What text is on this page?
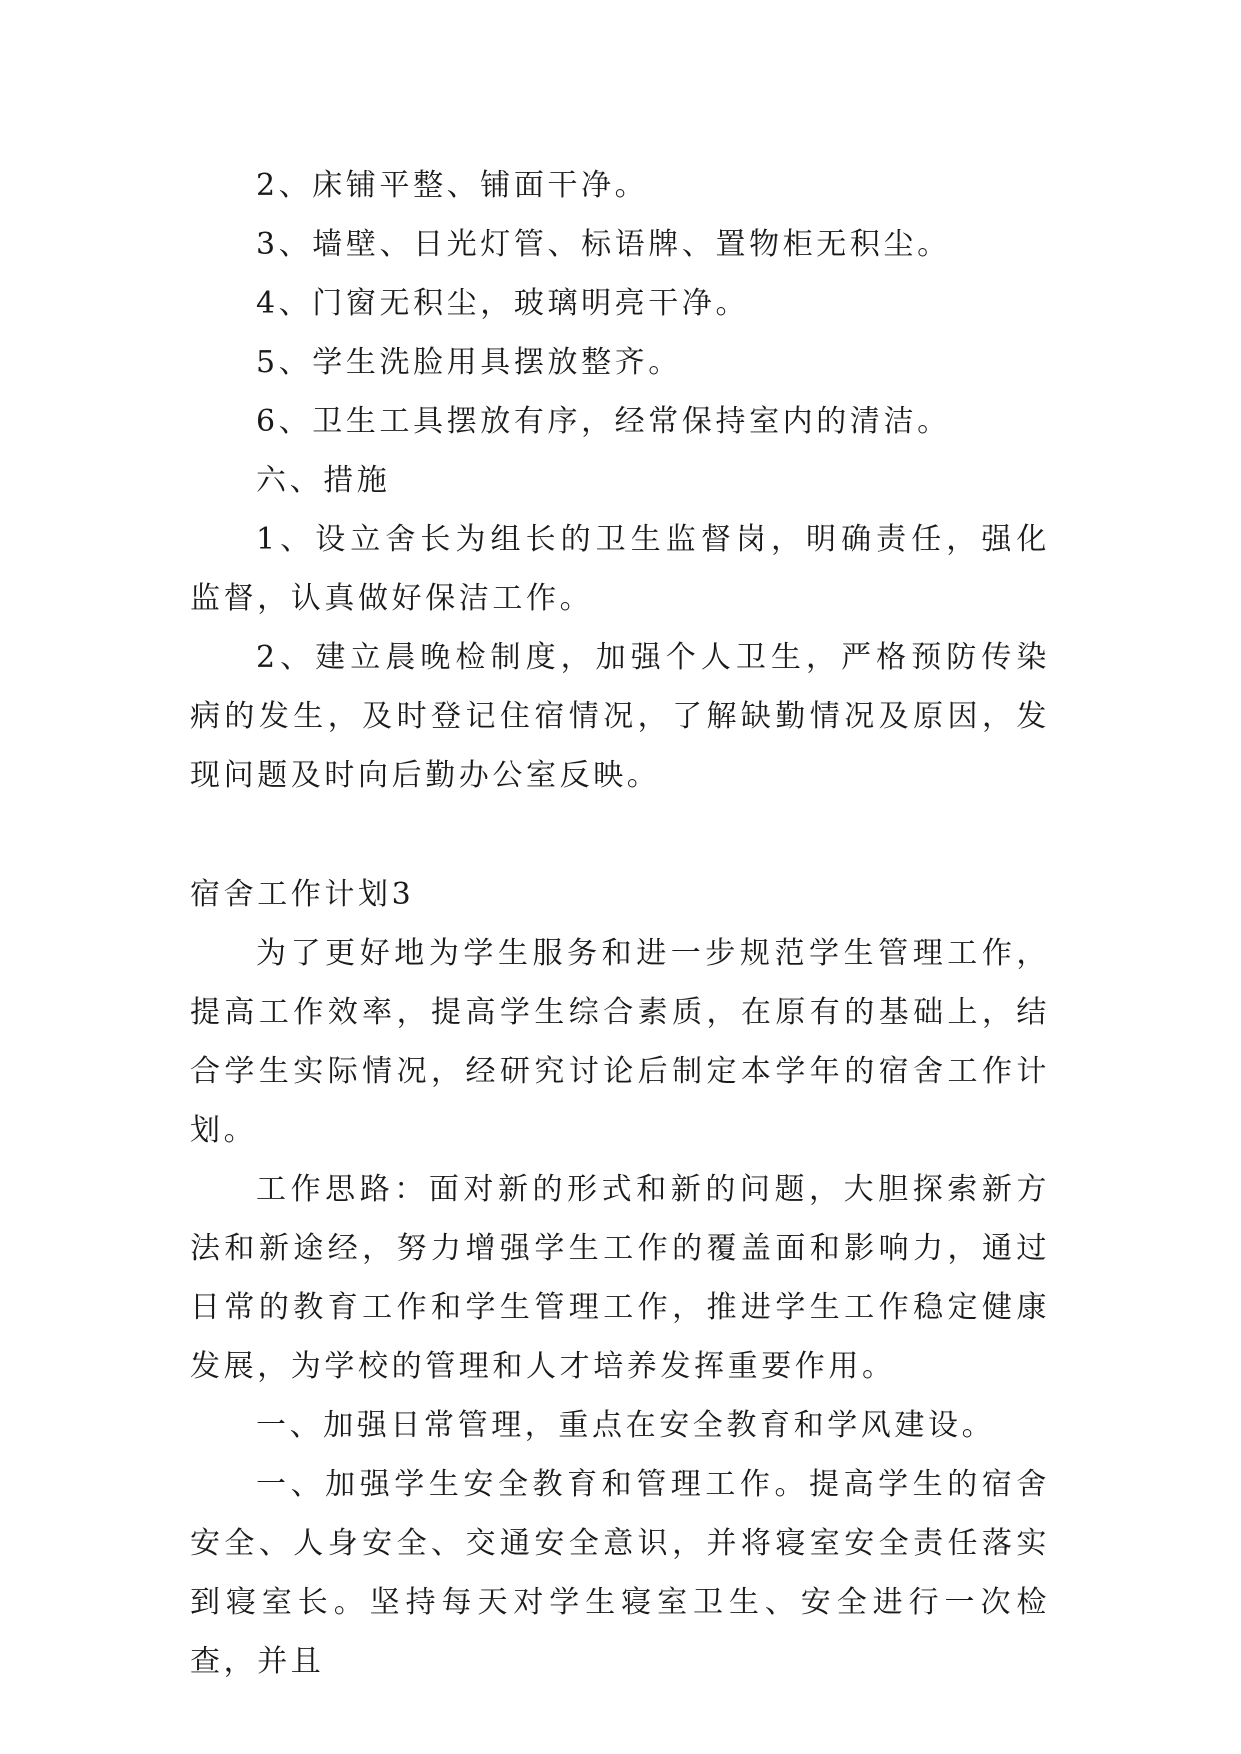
2、床铺平整、铺面干净。

3、墙壁、日光灯管、标语牌、置物柜无积尘。

4、门窗无积尘，玻璃明亮干净。

5、学生洗脸用具摆放整齐。

6、卫生工具摆放有序，经常保持室内的清洁。

六、措施

1、设立舍长为组长的卫生监督岗，明确责任，强化监督，认真做好保洁工作。

2、建立晨晚检制度，加强个人卫生，严格预防传染病的发生，及时登记住宿情况，了解缺勤情况及原因，发现问题及时向后勤办公室反映。

宿舍工作计划3

为了更好地为学生服务和进一步规范学生管理工作，提高工作效率，提高学生综合素质，在原有的基础上，结合学生实际情况，经研究讨论后制定本学年的宿舍工作计划。

工作思路：面对新的形式和新的问题，大胆探索新方法和新途经，努力增强学生工作的覆盖面和影响力，通过日常的教育工作和学生管理工作，推进学生工作稳定健康发展，为学校的管理和人才培养发挥重要作用。

一、加强日常管理，重点在安全教育和学风建设。

一、加强学生安全教育和管理工作。提高学生的宿舍安全、人身安全、交通安全意识，并将寝室安全责任落实到寝室长。坚持每天对学生寝室卫生、安全进行一次检查，并且
